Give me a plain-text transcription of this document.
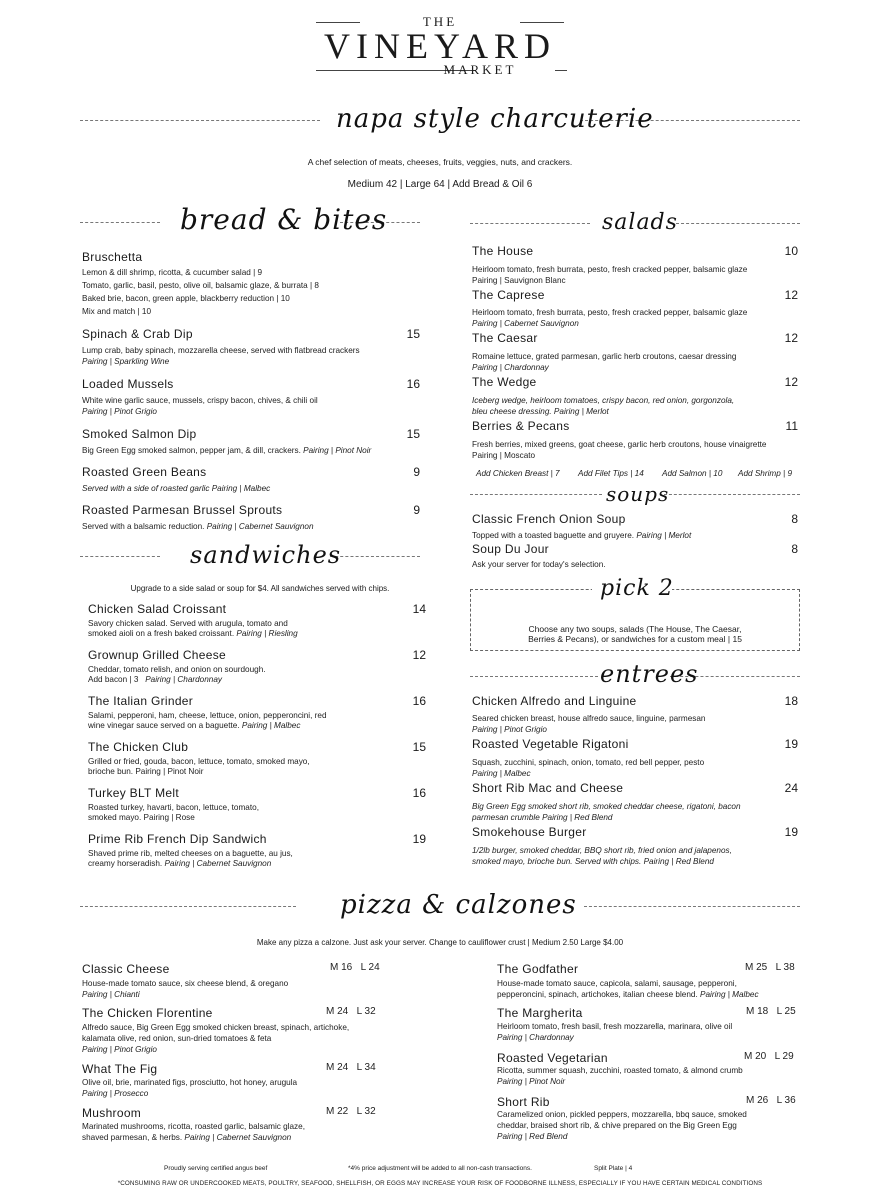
THE
VINEYARD
MARKET
napa style charcuterie
A chef selection of meats, cheeses, fruits, veggies, nuts, and crackers.
Medium 42 | Large 64 | Add Bread & Oil 6
bread & bites
Bruschetta
Lemon & dill shrimp, ricotta, & cucumber salad | 9
Tomato, garlic, basil, pesto, olive oil, balsamic glaze, & burrata | 8
Baked brie, bacon, green apple, blackberry reduction | 10
Mix and match | 10
Spinach & Crab Dip	15
Lump crab, baby spinach, mozzarella cheese, served with flatbread crackers
Pairing | Sparkling Wine
Loaded Mussels	16
White wine garlic sauce, mussels, crispy bacon, chives, & chili oil
Pairing | Pinot Grigio
Smoked Salmon Dip	15
Big Green Egg smoked salmon, pepper jam, & dill, crackers. Pairing | Pinot Noir
Roasted Green Beans	9
Served with a side of roasted garlic Pairing | Malbec
Roasted Parmesan Brussel Sprouts	9
Served with a balsamic reduction. Pairing | Cabernet Sauvignon
sandwiches
Upgrade to a side salad or soup for $4. All sandwiches served with chips.
Chicken Salad Croissant	14
Savory chicken salad. Served with arugula, tomato and
smoked aioli on a fresh baked croissant. Pairing | Riesling
Grownup Grilled Cheese	12
Cheddar, tomato relish, and onion on sourdough.
Add bacon | 3 Pairing | Chardonnay
The Italian Grinder	16
Salami, pepperoni, ham, cheese, lettuce, onion, pepperoncini, red
wine vinegar sauce served on a baguette. Pairing | Malbec
The Chicken Club	15
Grilled or fried, gouda, bacon, lettuce, tomato, smoked mayo,
brioche bun. Pairing | Pinot Noir
Turkey BLT Melt	16
Roasted turkey, havarti, bacon, lettuce, tomato,
smoked mayo. Pairing | Rose
Prime Rib French Dip Sandwich	19
Shaved prime rib, melted cheeses on a baguette, au jus,
creamy horseradish. Pairing | Cabernet Sauvignon
salads
The House	10
Heirloom tomato, fresh burrata, pesto, fresh cracked pepper, balsamic glaze
Pairing | Sauvignon Blanc
The Caprese	12
Heirloom tomato, fresh burrata, pesto, fresh cracked pepper, balsamic glaze
Pairing | Cabernet Sauvignon
The Caesar	12
Romaine lettuce, grated parmesan, garlic herb croutons, caesar dressing
Pairing | Chardonnay
The Wedge	12
Iceberg wedge, heirloom tomatoes, crispy bacon, red onion, gorgonzola,
bleu cheese dressing. Pairing | Merlot
Berries & Pecans	11
Fresh berries, mixed greens, goat cheese, garlic herb croutons, house vinaigrette
Pairing | Moscato
Add Chicken Breast | 7 Add Filet Tips | 14 Add Salmon | 10 Add Shrimp | 9
soups
Classic French Onion Soup	8
Topped with a toasted baguette and gruyere. Pairing | Merlot
Soup Du Jour	8
Ask your server for today's selection.
pick 2
Choose any two soups, salads (The House, The Caesar,
Berries & Pecans), or sandwiches for a custom meal | 15
entrees
Chicken Alfredo and Linguine	18
Seared chicken breast, house alfredo sauce, linguine, parmesan
Pairing | Pinot Grigio
Roasted Vegetable Rigatoni	19
Squash, zucchini, spinach, onion, tomato, red bell pepper, pesto
Pairing | Malbec
Short Rib Mac and Cheese	24
Big Green Egg smoked short rib, smoked cheddar cheese, rigatoni, bacon
parmesan crumble Pairing | Red Blend
Smokehouse Burger	19
1/2lb burger, smoked cheddar, BBQ short rib, fried onion and jalapenos,
smoked mayo, brioche bun. Served with chips. Pairing | Red Blend
pizza & calzones
Make any pizza a calzone. Just ask your server. Change to cauliflower crust | Medium 2.50 Large $4.00
Classic Cheese	M 16   L 24
House-made tomato sauce, six cheese blend, & oregano
Pairing | Chianti
The Chicken Florentine	M 24   L 32
Alfredo sauce, Big Green Egg smoked chicken breast, spinach, artichoke,
kalamata olive, red onion, sun-dried tomatoes & feta
Pairing | Pinot Grigio
What The Fig	M 24   L 34
Olive oil, brie, marinated figs, prosciutto, hot honey, arugula
Pairing | Prosecco
Mushroom	M 22   L 32
Marinated mushrooms, ricotta, roasted garlic, balsamic glaze,
shaved parmesan, & herbs. Pairing | Cabernet Sauvignon
The Godfather	M 25   L 38
House-made tomato sauce, capicola, salami, sausage, pepperoni,
pepperoncini, spinach, artichokes, italian cheese blend. Pairing | Malbec
The Margherita	M 18   L 25
Heirloom tomato, fresh basil, fresh mozzarella, marinara, olive oil
Pairing | Chardonnay
Roasted Vegetarian	M 20   L 29
Ricotta, summer squash, zucchini, roasted tomato, & almond crumb
Pairing | Pinot Noir
Short Rib	M 26   L 36
Caramelized onion, pickled peppers, mozzarella, bbq sauce, smoked
cheddar, braised short rib, & chive prepared on the Big Green Egg
Pairing | Red Blend
Proudly serving certified angus beef	*4% price adjustment will be added to all non-cash transactions.	Split Plate | 4
*CONSUMING RAW OR UNDERCOOKED MEATS, POULTRY, SEAFOOD, SHELLFISH, OR EGGS MAY INCREASE YOUR RISK OF FOODBORNE ILLNESS, ESPECIALLY IF YOU HAVE CERTAIN MEDICAL CONDITIONS
